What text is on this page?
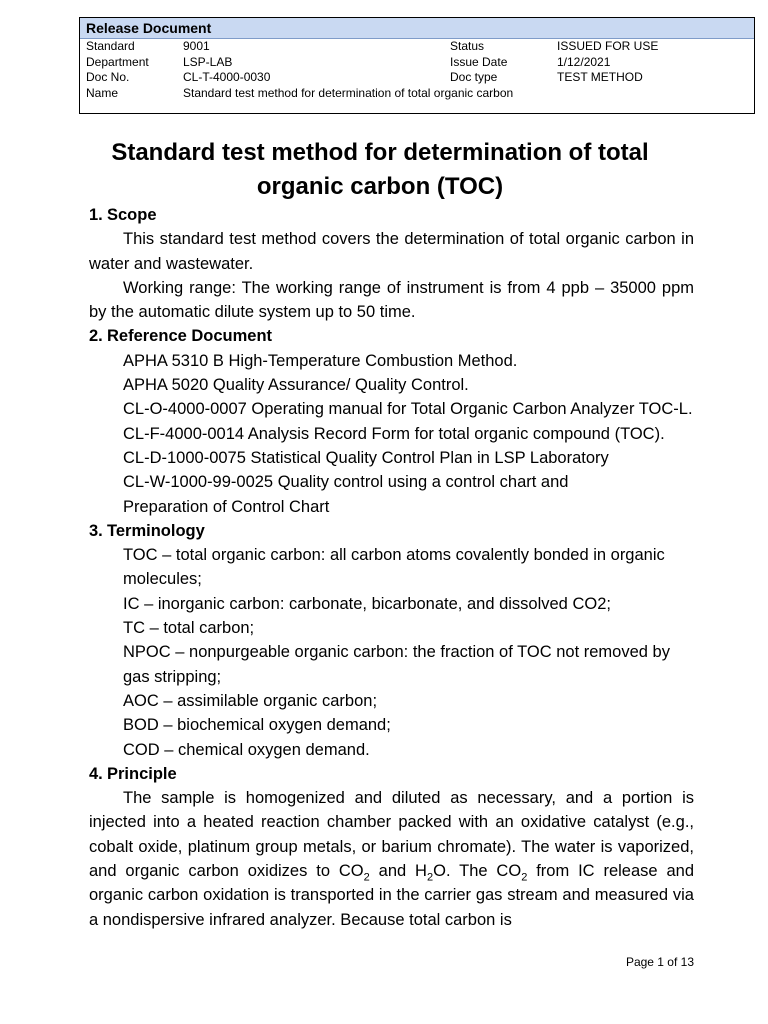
Release Document
Standard	9001	Status	ISSUED FOR USE
Department	LSP-LAB	Issue Date	1/12/2021
Doc No.	CL-T-4000-0030	Doc type	TEST METHOD
Name	Standard test method for determination of total organic carbon
Standard test method for determination of total
organic carbon (TOC)
1. Scope
This standard test method covers the determination of total organic carbon in water and wastewater.
Working range: The working range of instrument is from 4 ppb – 35000 ppm by the automatic dilute system up to 50 time.
2. Reference Document
APHA 5310 B High-Temperature Combustion Method.
APHA 5020 Quality Assurance/ Quality Control.
CL-O-4000-0007 Operating manual for Total Organic Carbon Analyzer TOC-L.
CL-F-4000-0014 Analysis Record Form for total organic compound (TOC).
CL-D-1000-0075 Statistical Quality Control Plan in LSP Laboratory
CL-W-1000-99-0025 Quality control using a control chart and
Preparation of Control Chart
3. Terminology
TOC – total organic carbon: all carbon atoms covalently bonded in organic molecules;
IC – inorganic carbon: carbonate, bicarbonate, and dissolved CO2;
TC – total carbon;
NPOC – nonpurgeable organic carbon: the fraction of TOC not removed by gas stripping;
AOC – assimilable organic carbon;
BOD – biochemical oxygen demand;
COD – chemical oxygen demand.
4. Principle
The sample is homogenized and diluted as necessary, and a portion is injected into a heated reaction chamber packed with an oxidative catalyst (e.g., cobalt oxide, platinum group metals, or barium chromate). The water is vaporized, and organic carbon oxidizes to $CO_2$ and $H_2O$. The $CO_2$ from IC release and organic carbon oxidation is transported in the carrier gas stream and measured via a nondispersive infrared analyzer. Because total carbon is
Page 1 of 13
